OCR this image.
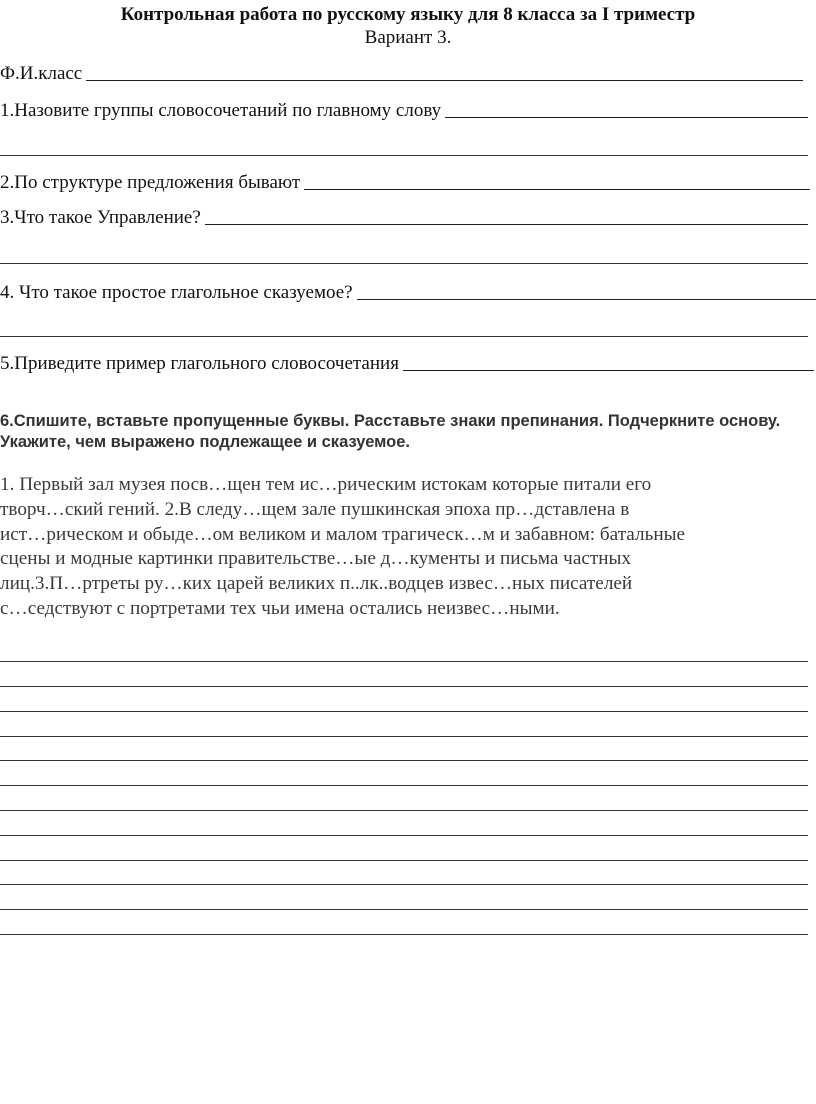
Контрольная работа по русскому языку для 8 класса за I триместр
Вариант 3.
Ф.И.класс
1.Назовите группы словосочетаний по главному слову
2.По структуре предложения бывают
3.Что такое Управление?
4. Что такое простое глагольное сказуемое?
5.Приведите пример глагольного словосочетания
6.Спишите, вставьте пропущенные буквы. Расставьте знаки препинания. Подчеркните основу. Укажите, чем выражено подлежащее и сказуемое.
1. Первый зал музея посв…щен тем ис…рическим истокам которые питали его
творч…ский гений. 2.В следу…щем зале пушкинская эпоха пр…дставлена в
ист…рическом и обыде…ом великом и малом трагическ…м и забавном: батальные
сцены и модные картинки правительстве…ые д…кументы и письма частных
лиц.3.П…ртреты ру…ких царей великих п..лк..водцев извес…ных писателей
с…седствуют с портретами тех чьи имена остались неизвес…ными.
